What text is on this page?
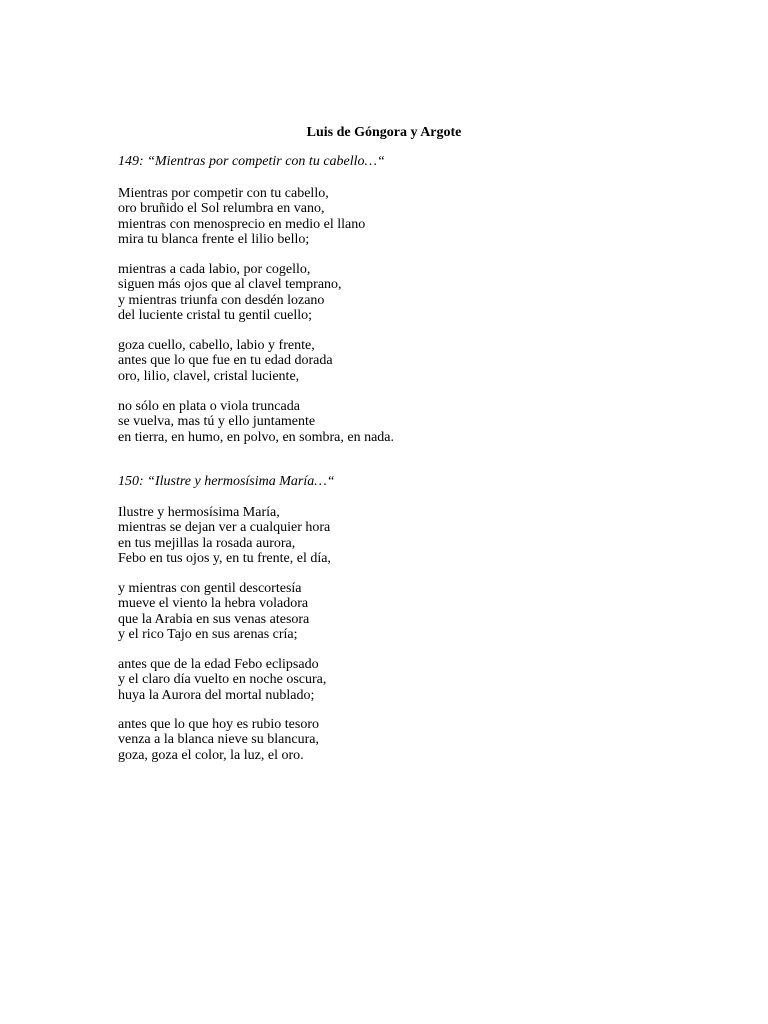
Luis de Góngora y Argote
149: “Mientras por competir con tu cabello…“
Mientras por competir con tu cabello,
oro bruñido el Sol relumbra en vano,
mientras con menosprecio en medio el llano
mira tu blanca frente el lilio bello;
mientras a cada labio, por cogello,
siguen más ojos que al clavel temprano,
y mientras triunfa con desdén lozano
del luciente cristal tu gentil cuello;
goza cuello, cabello, labio y frente,
antes que lo que fue en tu edad dorada
oro, lilio, clavel, cristal luciente,
no sólo en plata o viola truncada
se vuelva, mas tú y ello juntamente
en tierra, en humo, en polvo, en sombra, en nada.
150: “Ilustre y hermosísima María…“
Ilustre y hermosísima María,
mientras se dejan ver a cualquier hora
en tus mejillas la rosada aurora,
Febo en tus ojos y, en tu frente, el día,
y mientras con gentil descortesía
mueve el viento la hebra voladora
que la Arabia en sus venas atesora
y el rico Tajo en sus arenas cría;
antes que de la edad Febo eclipsado
y el claro día vuelto en noche oscura,
huya la Aurora del mortal nublado;
antes que lo que hoy es rubio tesoro
venza a la blanca nieve su blancura,
goza, goza el color, la luz, el oro.
